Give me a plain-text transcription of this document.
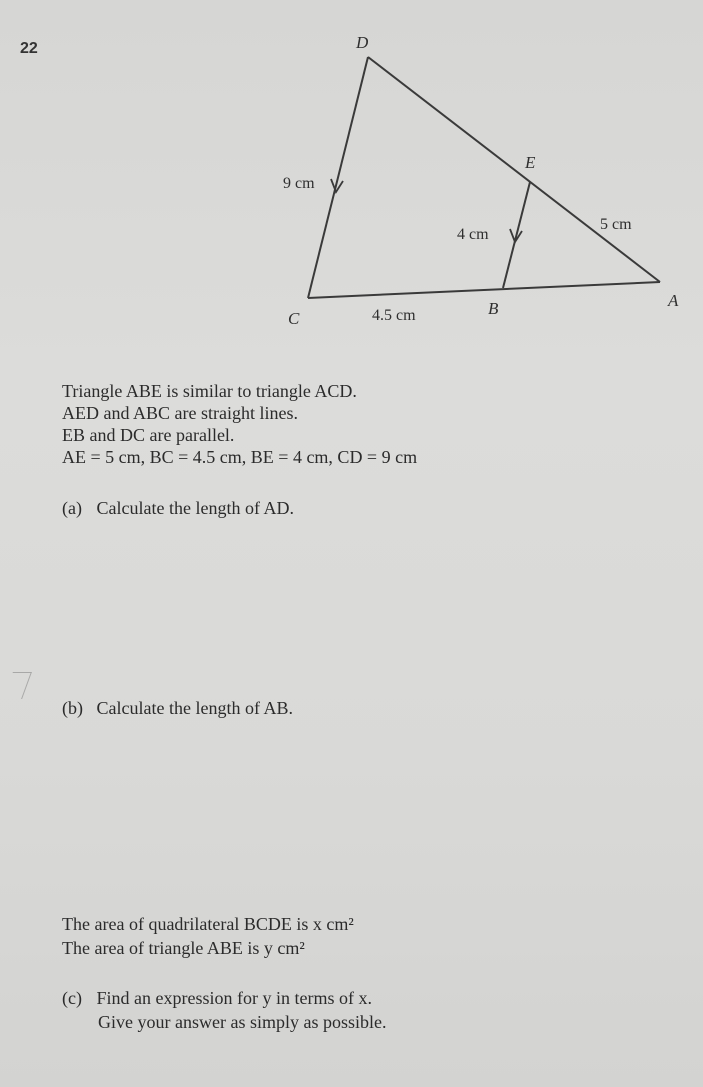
22	D
E
A
B
C
9 cm
4 cm
5 cm
4.5 cm
Triangle ABE is similar to triangle ACD.
AED and ABC are straight lines.
EB and DC are parallel.
AE = 5 cm, BC = 4.5 cm, BE = 4 cm, CD = 9 cm
(a) Calculate the length of AD.
(b) Calculate the length of AB.
The area of quadrilateral BCDE is x cm²
The area of triangle ABE is y cm²
(c) Find an expression for y in terms of x.
Give your answer as simply as possible.
